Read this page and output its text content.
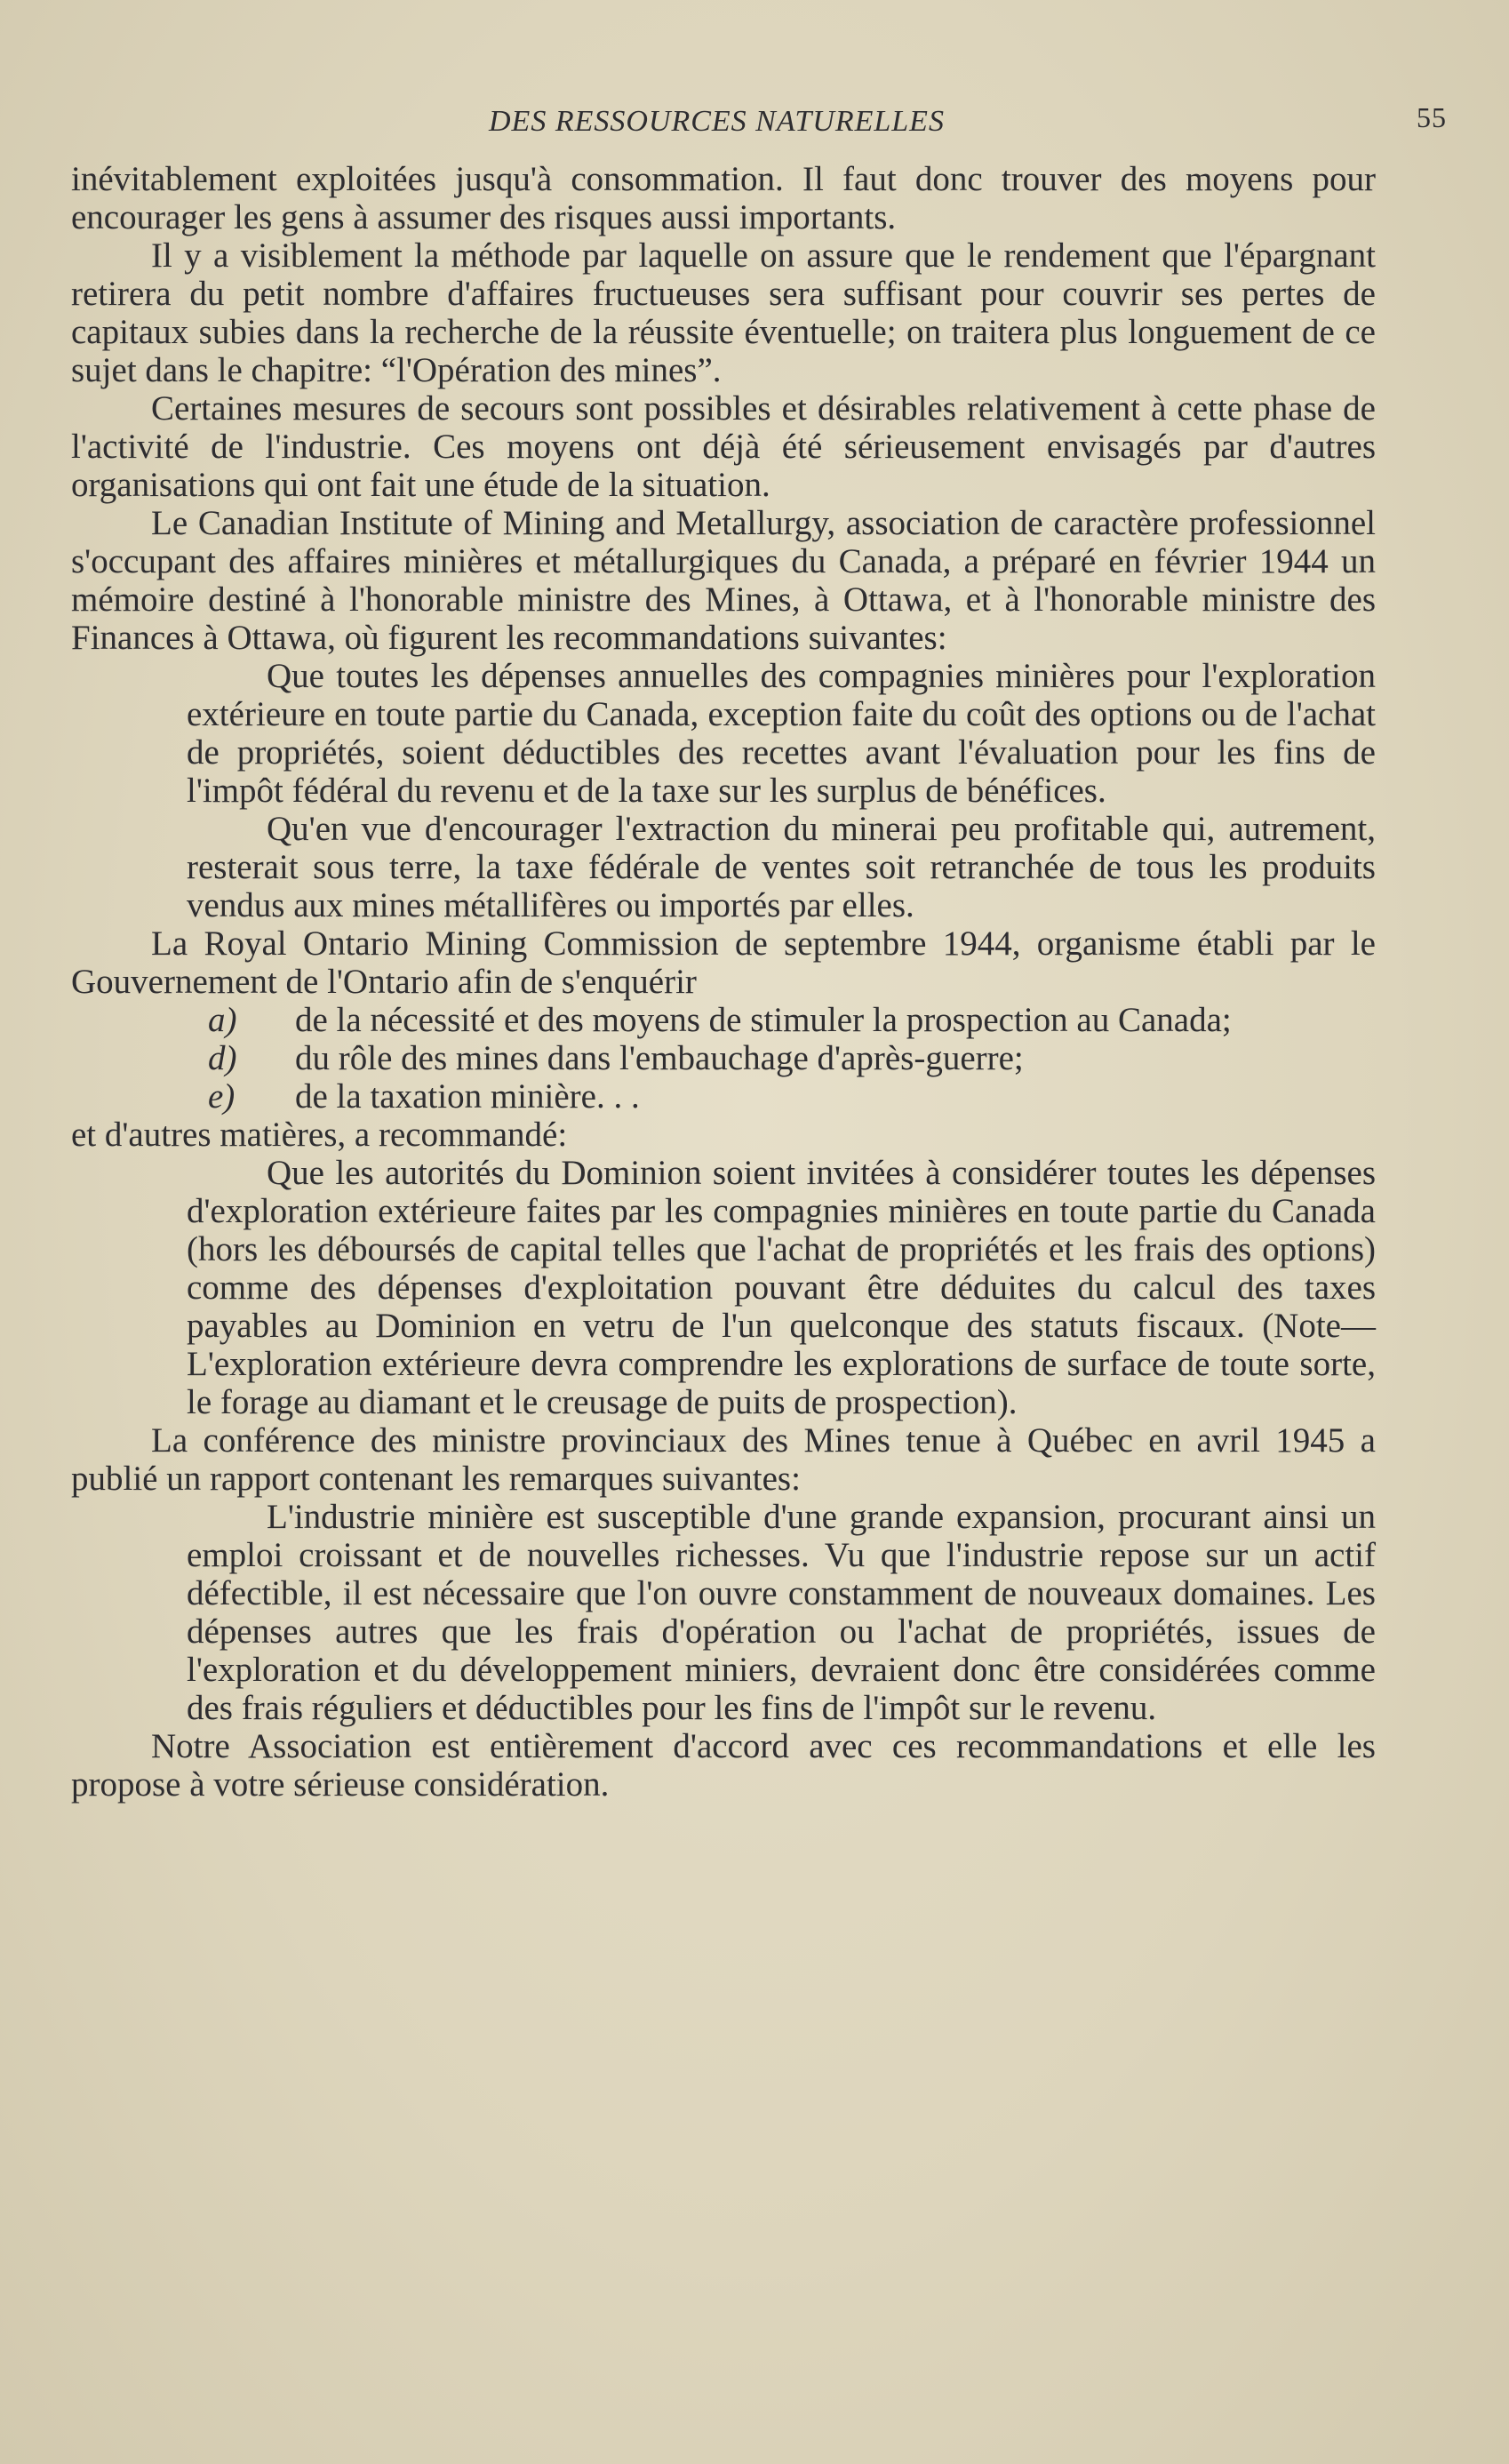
DES RESSOURCES NATURELLES	55

inévitablement exploitées jusqu'à consommation. Il faut donc trouver des moyens pour encourager les gens à assumer des risques aussi importants.

Il y a visiblement la méthode par laquelle on assure que le rendement que l'épargnant retirera du petit nombre d'affaires fructueuses sera suffisant pour couvrir ses pertes de capitaux subies dans la recherche de la réussite éventuelle; on traitera plus longuement de ce sujet dans le chapitre: “l'Opération des mines”.

Certaines mesures de secours sont possibles et désirables relativement à cette phase de l'activité de l'industrie. Ces moyens ont déjà été sérieusement envisagés par d'autres organisations qui ont fait une étude de la situation.

Le Canadian Institute of Mining and Metallurgy, association de caractère professionnel s'occupant des affaires minières et métallurgiques du Canada, a préparé en février 1944 un mémoire destiné à l'honorable ministre des Mines, à Ottawa, et à l'honorable ministre des Finances à Ottawa, où figurent les recommandations suivantes:

Que toutes les dépenses annuelles des compagnies minières pour l'exploration extérieure en toute partie du Canada, exception faite du coût des options ou de l'achat de propriétés, soient déductibles des recettes avant l'évaluation pour les fins de l'impôt fédéral du revenu et de la taxe sur les surplus de bénéfices.

Qu'en vue d'encourager l'extraction du minerai peu profitable qui, autrement, resterait sous terre, la taxe fédérale de ventes soit retranchée de tous les produits vendus aux mines métallifères ou importés par elles.

La Royal Ontario Mining Commission de septembre 1944, organisme établi par le Gouvernement de l'Ontario afin de s'enquérir

a) de la nécessité et des moyens de stimuler la prospection au Canada;

d) du rôle des mines dans l'embauchage d'après-guerre;

e) de la taxation minière. . .

et d'autres matières, a recommandé:

Que les autorités du Dominion soient invitées à considérer toutes les dépenses d'exploration extérieure faites par les compagnies minières en toute partie du Canada (hors les déboursés de capital telles que l'achat de propriétés et les frais des options) comme des dépenses d'exploitation pouvant être déduites du calcul des taxes payables au Dominion en vetru de l'un quelconque des statuts fiscaux. (Note—L'exploration extérieure devra comprendre les explorations de surface de toute sorte, le forage au diamant et le creusage de puits de prospection).

La conférence des ministre provinciaux des Mines tenue à Québec en avril 1945 a publié un rapport contenant les remarques suivantes:

L'industrie minière est susceptible d'une grande expansion, procurant ainsi un emploi croissant et de nouvelles richesses. Vu que l'industrie repose sur un actif défectible, il est nécessaire que l'on ouvre constamment de nouveaux domaines. Les dépenses autres que les frais d'opération ou l'achat de propriétés, issues de l'exploration et du développement miniers, devraient donc être considérées comme des frais réguliers et déductibles pour les fins de l'impôt sur le revenu.

Notre Association est entièrement d'accord avec ces recommandations et elle les propose à votre sérieuse considération.
